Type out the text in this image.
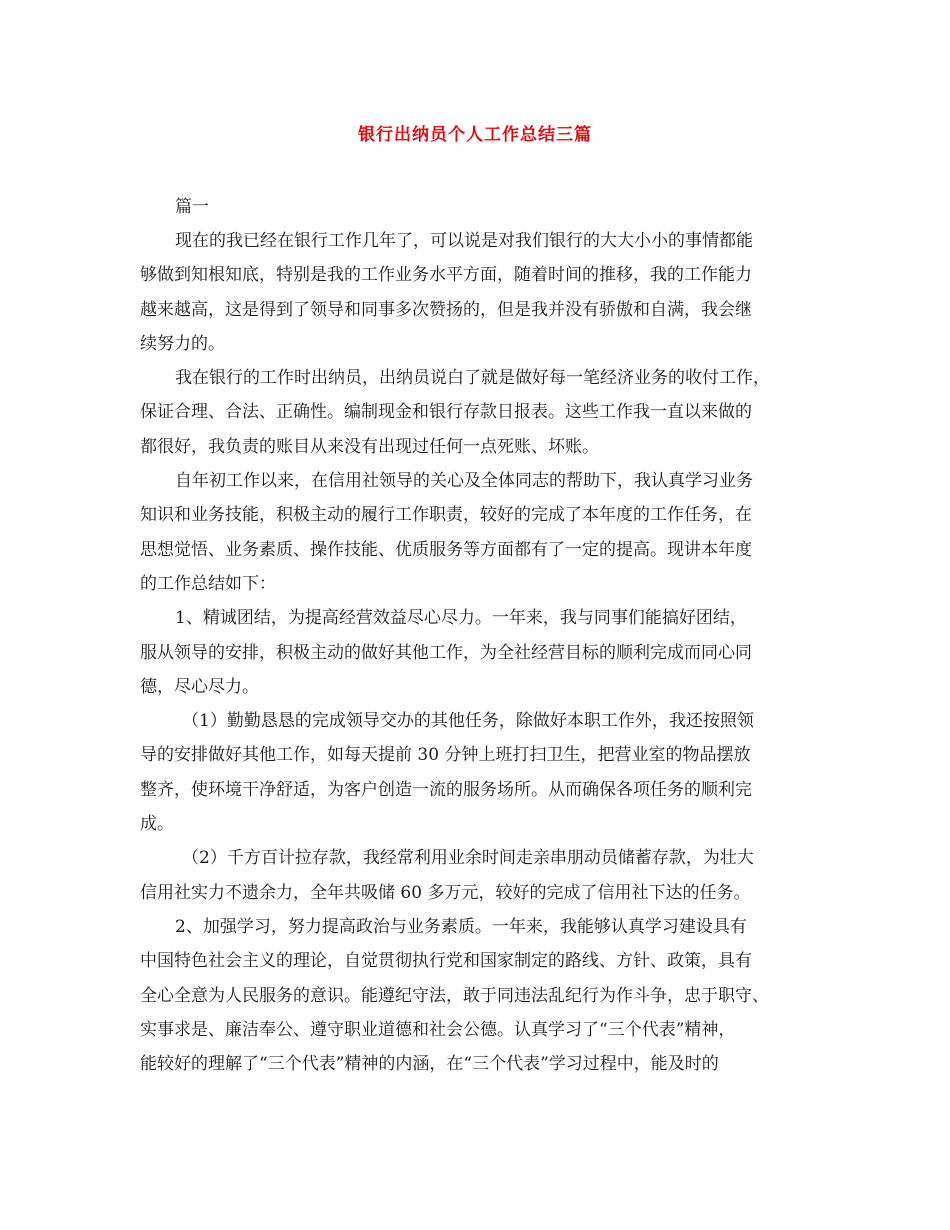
银行出纳员个人工作总结三篇

篇一

现在的我已经在银行工作几年了，可以说是对我们银行的大大小小的事情都能
够做到知根知底，特别是我的工作业务水平方面，随着时间的推移，我的工作能力
越来越高，这是得到了领导和同事多次赞扬的，但是我并没有骄傲和自满，我会继
续努力的。
我在银行的工作时出纳员，出纳员说白了就是做好每一笔经济业务的收付工作，
保证合理、合法、正确性。编制现金和银行存款日报表。这些工作我一直以来做的
都很好，我负责的账目从来没有出现过任何一点死账、坏账。
自年初工作以来，在信用社领导的关心及全体同志的帮助下，我认真学习业务
知识和业务技能，积极主动的履行工作职责，较好的完成了本年度的工作任务，在
思想觉悟、业务素质、操作技能、优质服务等方面都有了一定的提高。现讲本年度
的工作总结如下：
1、精诚团结，为提高经营效益尽心尽力。一年来，我与同事们能搞好团结，
服从领导的安排，积极主动的做好其他工作，为全社经营目标的顺利完成而同心同
德，尽心尽力。
（1）勤勤恳恳的完成领导交办的其他任务，除做好本职工作外，我还按照领
导的安排做好其他工作，如每天提前 30 分钟上班打扫卫生，把营业室的物品摆放
整齐，使环境干净舒适，为客户创造一流的服务场所。从而确保各项任务的顺利完
成。
（2）千方百计拉存款，我经常利用业余时间走亲串朋动员储蓄存款，为壮大
信用社实力不遗余力，全年共吸储 60 多万元，较好的完成了信用社下达的任务。
2、加强学习，努力提高政治与业务素质。一年来，我能够认真学习建设具有
中国特色社会主义的理论，自觉贯彻执行党和国家制定的路线、方针、政策，具有
全心全意为人民服务的意识。能遵纪守法，敢于同违法乱纪行为作斗争，忠于职守、
实事求是、廉洁奉公、遵守职业道德和社会公德。认真学习了“三个代表”精神，
能较好的理解了“三个代表”精神的内涵，在“三个代表”学习过程中，能及时的
